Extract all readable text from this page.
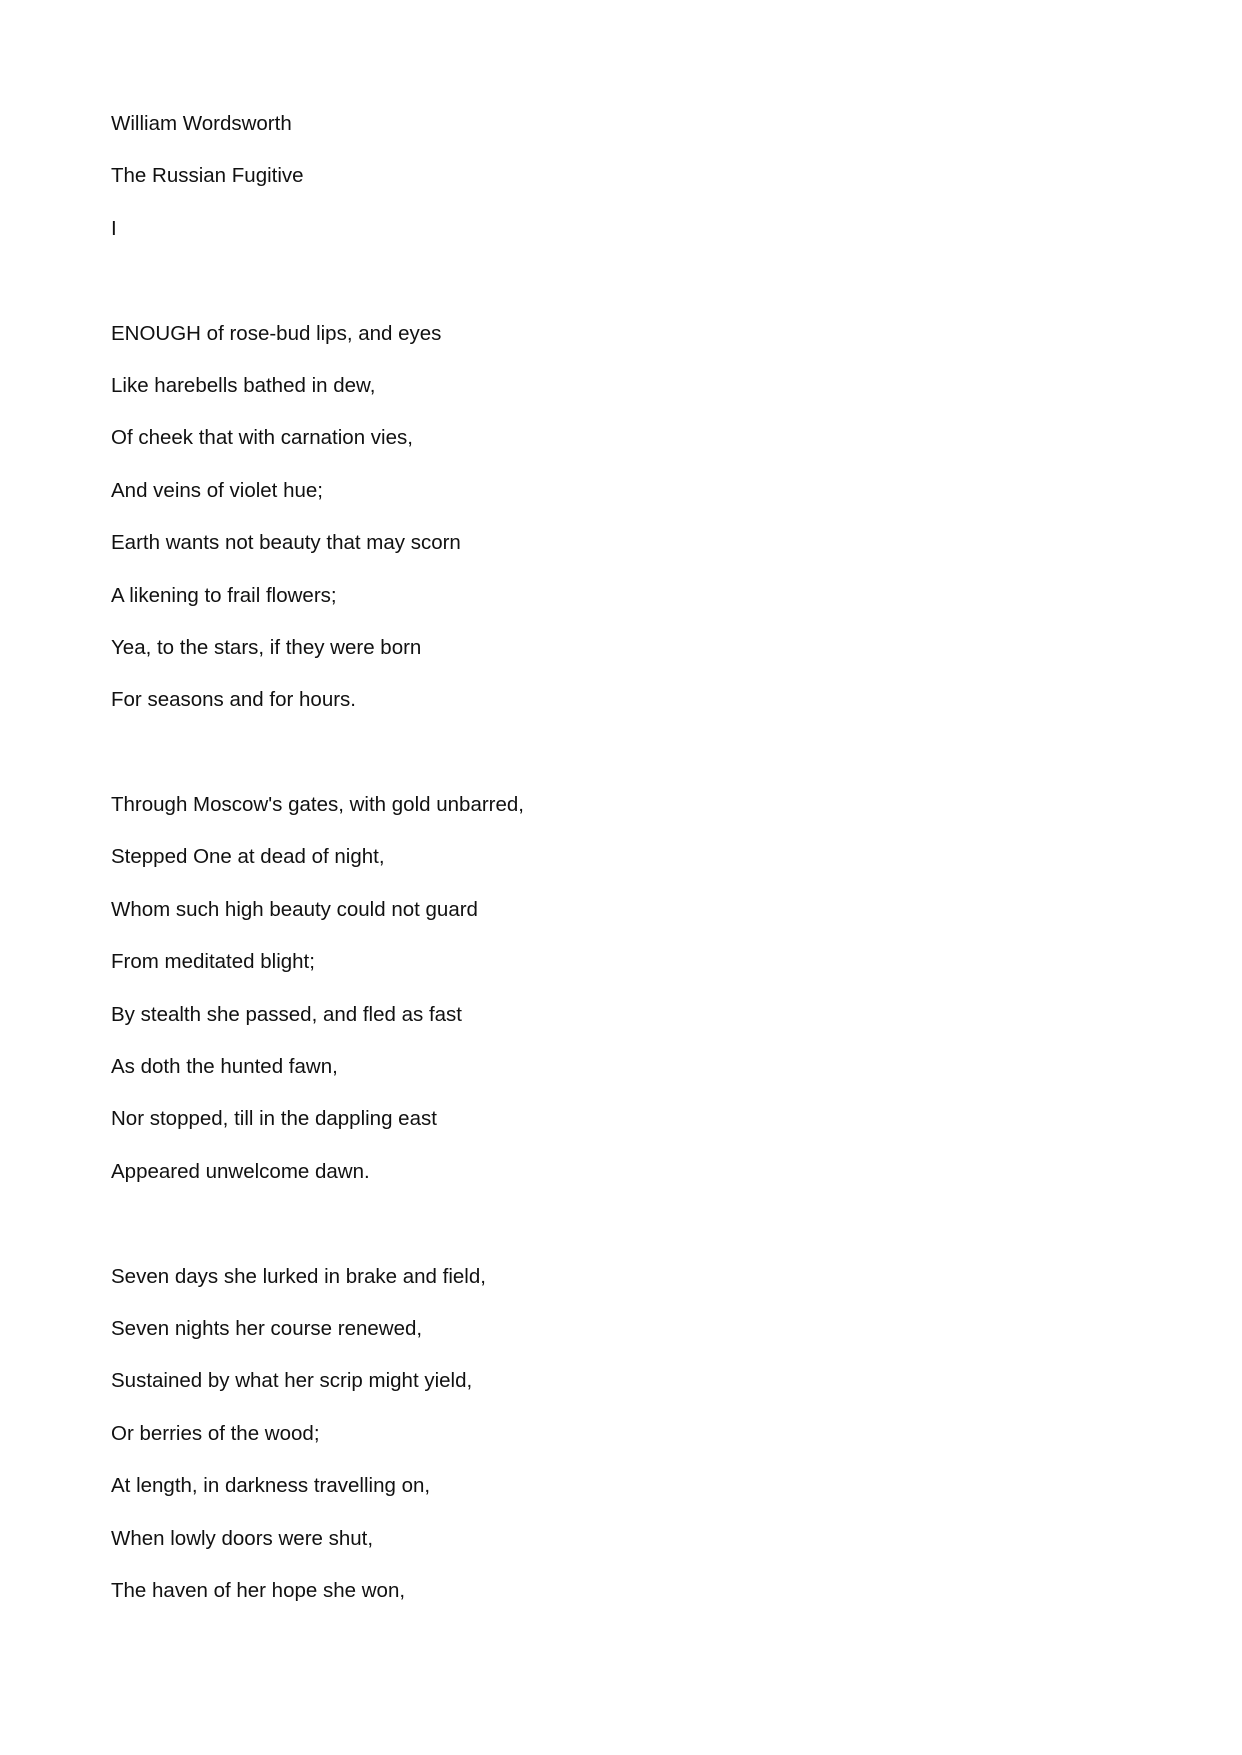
William Wordsworth

The Russian Fugitive

I

ENOUGH of rose-bud lips, and eyes

Like harebells bathed in dew,

Of cheek that with carnation vies,

And veins of violet hue;

Earth wants not beauty that may scorn

A likening to frail flowers;

Yea, to the stars, if they were born

For seasons and for hours.

Through Moscow's gates, with gold unbarred,

Stepped One at dead of night,

Whom such high beauty could not guard

From meditated blight;

By stealth she passed, and fled as fast

As doth the hunted fawn,

Nor stopped, till in the dappling east

Appeared unwelcome dawn.

Seven days she lurked in brake and field,

Seven nights her course renewed,

Sustained by what her scrip might yield,

Or berries of the wood;

At length, in darkness travelling on,

When lowly doors were shut,

The haven of her hope she won,
